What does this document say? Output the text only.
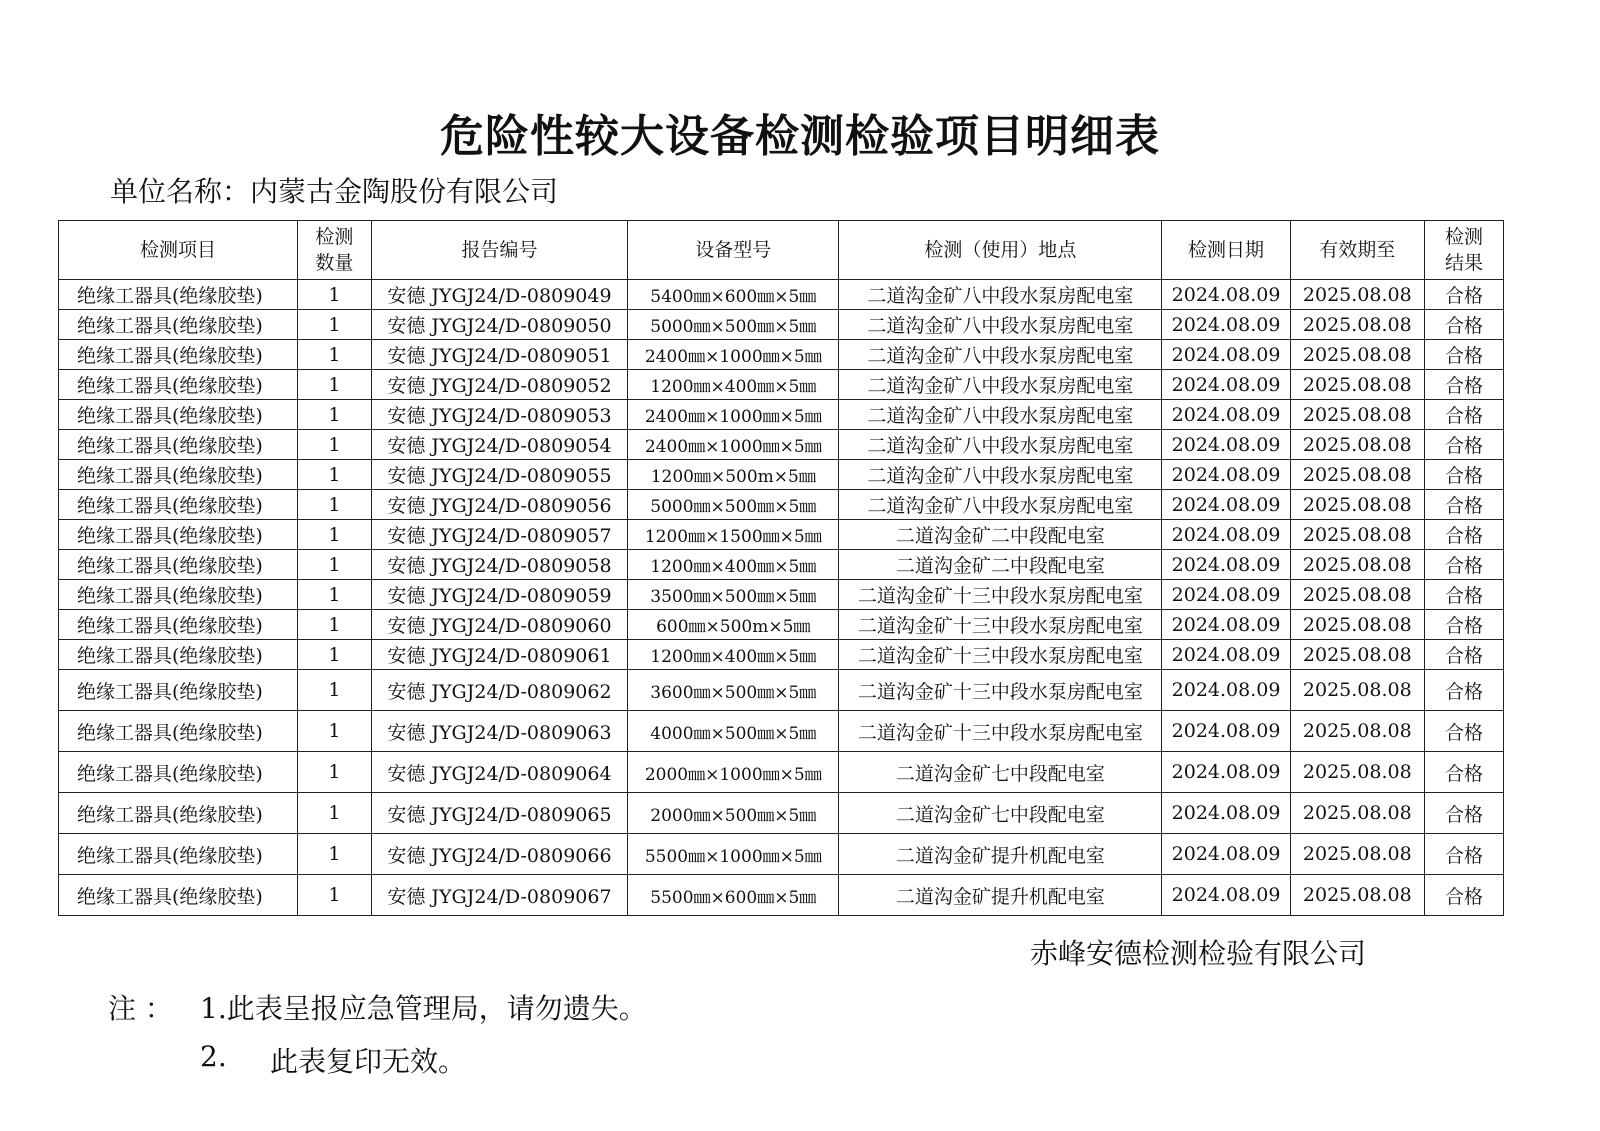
危险性较大设备检测检验项目明细表
单位名称：内蒙古金陶股份有限公司
检测项目	检测数量	报告编号	设备型号	检测（使用）地点	检测日期	有效期至	检测结果
绝缘工器具(绝缘胶垫)	1	安德 JYGJ24/D-0809049	5400㎜×600㎜×5㎜	二道沟金矿八中段水泵房配电室	2024.08.09	2025.08.08	合格
绝缘工器具(绝缘胶垫)	1	安德 JYGJ24/D-0809050	5000㎜×500㎜×5㎜	二道沟金矿八中段水泵房配电室	2024.08.09	2025.08.08	合格
绝缘工器具(绝缘胶垫)	1	安德 JYGJ24/D-0809051	2400㎜×1000㎜×5㎜	二道沟金矿八中段水泵房配电室	2024.08.09	2025.08.08	合格
绝缘工器具(绝缘胶垫)	1	安德 JYGJ24/D-0809052	1200㎜×400㎜×5㎜	二道沟金矿八中段水泵房配电室	2024.08.09	2025.08.08	合格
绝缘工器具(绝缘胶垫)	1	安德 JYGJ24/D-0809053	2400㎜×1000㎜×5㎜	二道沟金矿八中段水泵房配电室	2024.08.09	2025.08.08	合格
绝缘工器具(绝缘胶垫)	1	安德 JYGJ24/D-0809054	2400㎜×1000㎜×5㎜	二道沟金矿八中段水泵房配电室	2024.08.09	2025.08.08	合格
绝缘工器具(绝缘胶垫)	1	安德 JYGJ24/D-0809055	1200㎜×500m×5㎜	二道沟金矿八中段水泵房配电室	2024.08.09	2025.08.08	合格
绝缘工器具(绝缘胶垫)	1	安德 JYGJ24/D-0809056	5000㎜×500㎜×5㎜	二道沟金矿八中段水泵房配电室	2024.08.09	2025.08.08	合格
绝缘工器具(绝缘胶垫)	1	安德 JYGJ24/D-0809057	1200㎜×1500㎜×5㎜	二道沟金矿二中段配电室	2024.08.09	2025.08.08	合格
绝缘工器具(绝缘胶垫)	1	安德 JYGJ24/D-0809058	1200㎜×400㎜×5㎜	二道沟金矿二中段配电室	2024.08.09	2025.08.08	合格
绝缘工器具(绝缘胶垫)	1	安德 JYGJ24/D-0809059	3500㎜×500㎜×5㎜	二道沟金矿十三中段水泵房配电室	2024.08.09	2025.08.08	合格
绝缘工器具(绝缘胶垫)	1	安德 JYGJ24/D-0809060	600㎜×500m×5㎜	二道沟金矿十三中段水泵房配电室	2024.08.09	2025.08.08	合格
绝缘工器具(绝缘胶垫)	1	安德 JYGJ24/D-0809061	1200㎜×400㎜×5㎜	二道沟金矿十三中段水泵房配电室	2024.08.09	2025.08.08	合格
绝缘工器具(绝缘胶垫)	1	安德 JYGJ24/D-0809062	3600㎜×500㎜×5㎜	二道沟金矿十三中段水泵房配电室	2024.08.09	2025.08.08	合格
绝缘工器具(绝缘胶垫)	1	安德 JYGJ24/D-0809063	4000㎜×500㎜×5㎜	二道沟金矿十三中段水泵房配电室	2024.08.09	2025.08.08	合格
绝缘工器具(绝缘胶垫)	1	安德 JYGJ24/D-0809064	2000㎜×1000㎜×5㎜	二道沟金矿七中段配电室	2024.08.09	2025.08.08	合格
绝缘工器具(绝缘胶垫)	1	安德 JYGJ24/D-0809065	2000㎜×500㎜×5㎜	二道沟金矿七中段配电室	2024.08.09	2025.08.08	合格
绝缘工器具(绝缘胶垫)	1	安德 JYGJ24/D-0809066	5500㎜×1000㎜×5㎜	二道沟金矿提升机配电室	2024.08.09	2025.08.08	合格
绝缘工器具(绝缘胶垫)	1	安德 JYGJ24/D-0809067	5500㎜×600㎜×5㎜	二道沟金矿提升机配电室	2024.08.09	2025.08.08	合格
赤峰安德检测检验有限公司
注 ： 1.此表呈报应急管理局，请勿遗失。
2. 此表复印无效。
